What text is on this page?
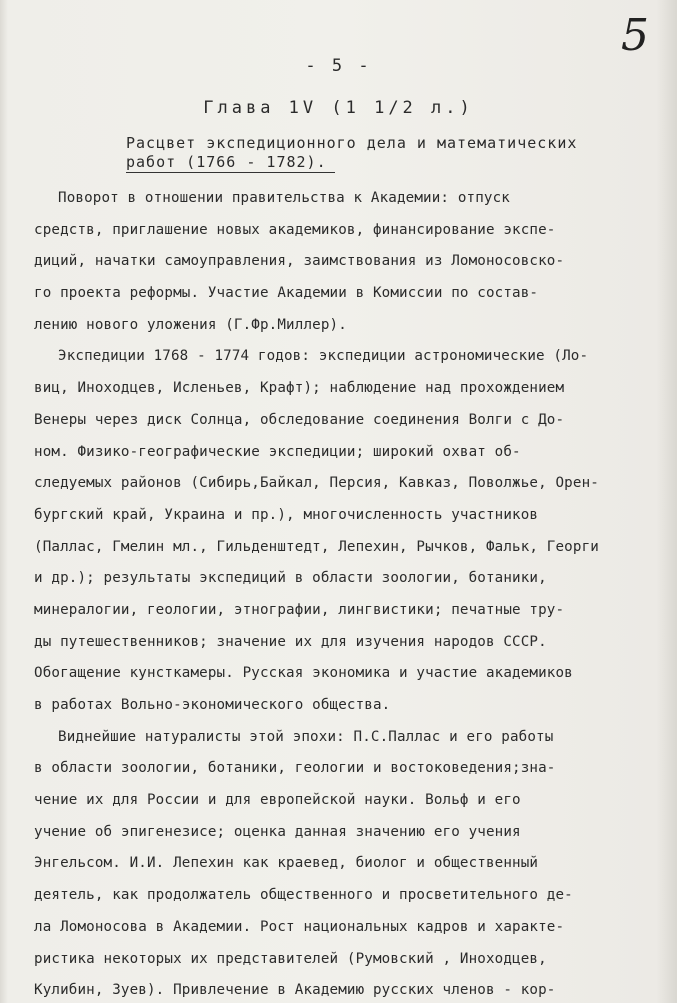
5
- 5 -
Глава 1V (1 1/2 л.)
Расцвет экспедиционного дела и математических
работ (1766 - 1782).
Поворот в отношении правительства к Академии: отпуск
средств, приглашение новых академиков, финансирование экспе-
диций, начатки самоуправления, заимствования из Ломоносовско-
го проекта реформы. Участие Академии в Комиссии по состав-
лению нового уложения (Г.Фр.Миллер).
Экспедиции 1768 - 1774 годов: экспедиции астрономические (Ло-
виц, Иноходцев, Исленьев, Крафт); наблюдение над прохождением
Венеры через диск Солнца, обследование соединения Волги с До-
ном. Физико-географические экспедиции; широкий охват об-
следуемых районов (Сибирь,Байкал, Персия, Кавказ, Поволжье, Орен-
бургский край, Украина и пр.), многочисленность участников
(Паллас, Гмелин мл., Гильденштедт, Лепехин, Рычков, Фальк, Георги
и др.); результаты экспедиций в области зоологии, ботаники,
минералогии, геологии, этнографии, лингвистики; печатные тру-
ды путешественников; значение их для изучения народов СССР.
Обогащение кунсткамеры. Русская экономика и участие академиков
в работах Вольно-экономического общества.
Виднейшие натуралисты этой эпохи: П.С.Паллас и его работы
в области зоологии, ботаники, геологии и востоковедения;зна-
чение их для России и для европейской науки. Вольф и его
учение об эпигенезисе; оценка данная значению его учения
Энгельсом. И.И. Лепехин как краевед, биолог и общественный
деятель, как продолжатель общественного и просветительного де-
ла Ломоносова в Академии. Рост национальных кадров и характе-
ристика некоторых их представителей (Румовский , Иноходцев,
Кулибин, Зуев). Привлечение в Академию русских членов - кор-
